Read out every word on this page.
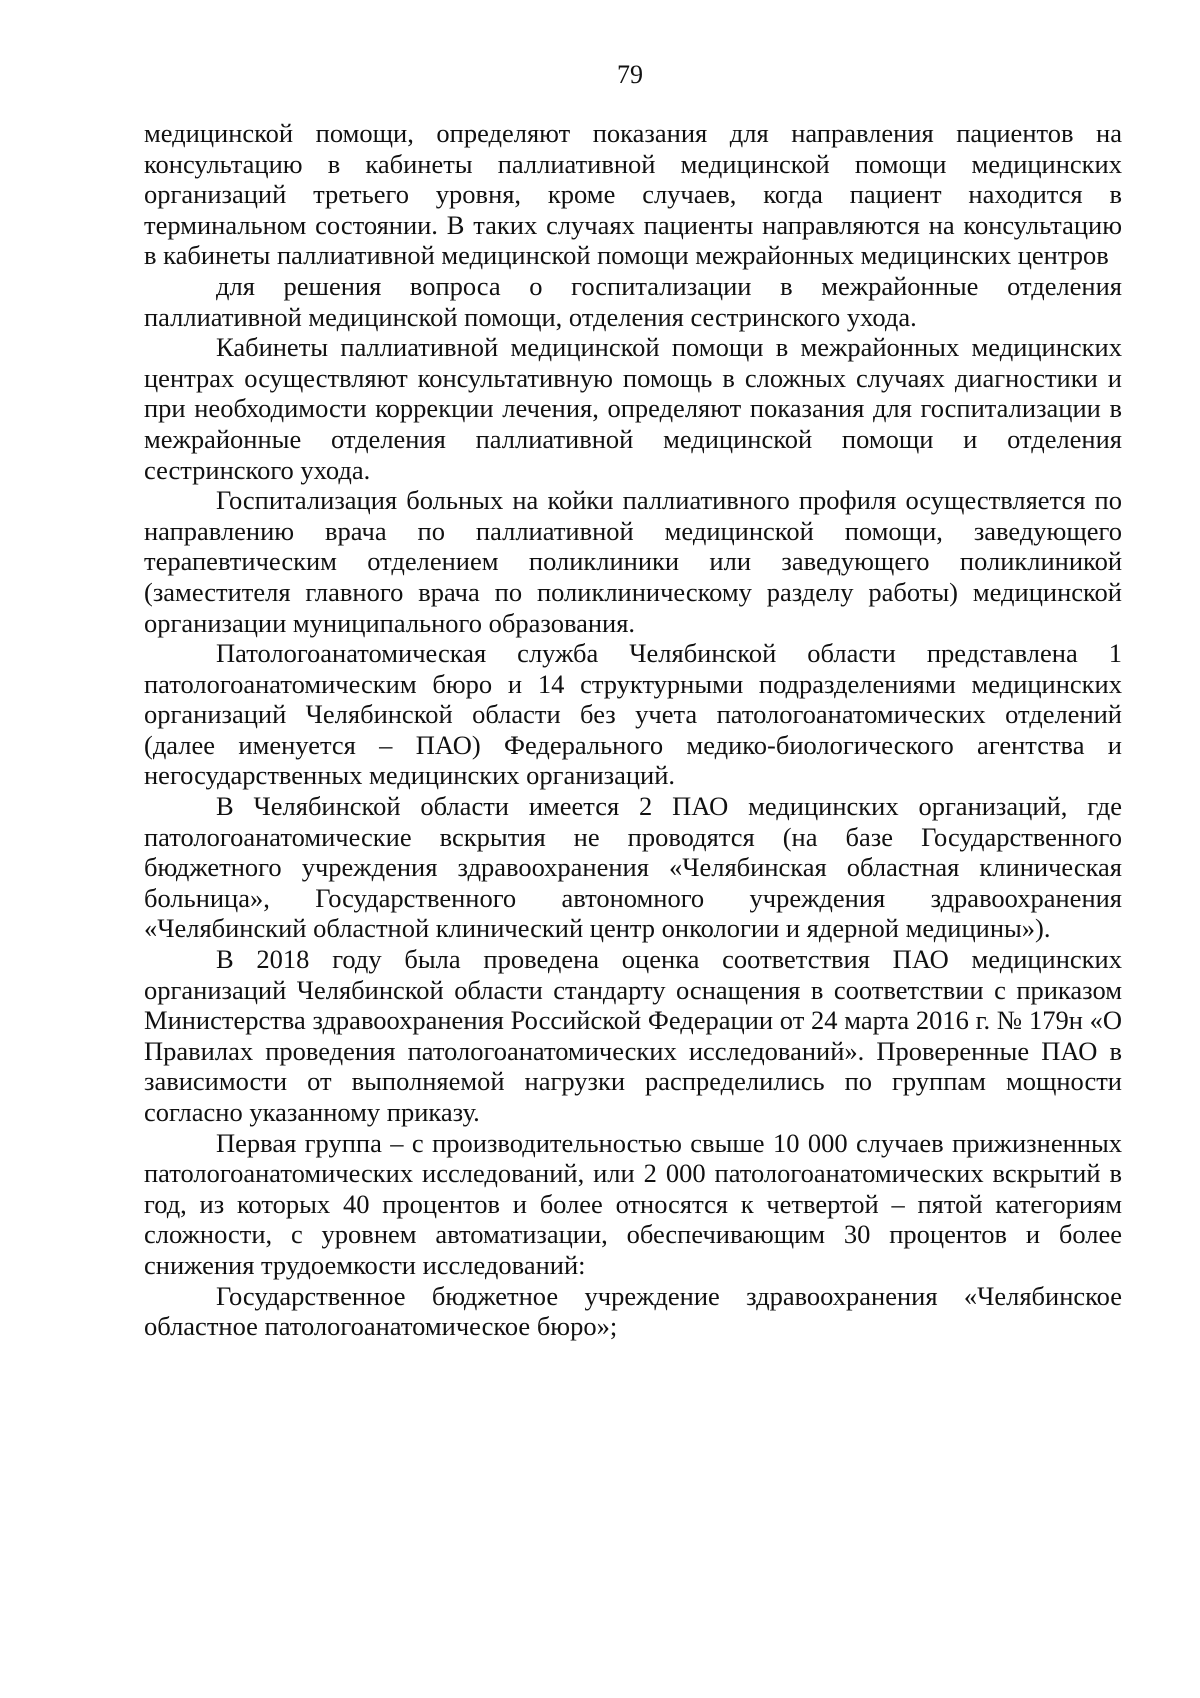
79

медицинской помощи, определяют показания для направления пациентов на консультацию в кабинеты паллиативной медицинской помощи медицинских организаций третьего уровня, кроме случаев, когда пациент находится в терминальном состоянии. В таких случаях пациенты направляются на консультацию в кабинеты паллиативной медицинской помощи межрайонных медицинских центров

для решения вопроса о госпитализации в межрайонные отделения паллиативной медицинской помощи, отделения сестринского ухода.

Кабинеты паллиативной медицинской помощи в межрайонных медицинских центрах осуществляют консультативную помощь в сложных случаях диагностики и при необходимости коррекции лечения, определяют показания для госпитализации в межрайонные отделения паллиативной медицинской помощи и отделения сестринского ухода.

Госпитализация больных на койки паллиативного профиля осуществляется по направлению врача по паллиативной медицинской помощи, заведующего терапевтическим отделением поликлиники или заведующего поликлиникой (заместителя главного врача по поликлиническому разделу работы) медицинской организации муниципального образования.

Патологоанатомическая служба Челябинской области представлена 1 патологоанатомическим бюро и 14 структурными подразделениями медицинских организаций Челябинской области без учета патологоанатомических отделений (далее именуется – ПАО) Федерального медико-биологического агентства и негосударственных медицинских организаций.

В Челябинской области имеется 2 ПАО медицинских организаций, где патологоанатомические вскрытия не проводятся (на базе Государственного бюджетного учреждения здравоохранения «Челябинская областная клиническая больница», Государственного автономного учреждения здравоохранения «Челябинский областной клинический центр онкологии и ядерной медицины»).

В 2018 году была проведена оценка соответствия ПАО медицинских организаций Челябинской области стандарту оснащения в соответствии с приказом Министерства здравоохранения Российской Федерации от 24 марта 2016 г. № 179н «О Правилах проведения патологоанатомических исследований». Проверенные ПАО в зависимости от выполняемой нагрузки распределились по группам мощности согласно указанному приказу.

Первая группа – с производительностью свыше 10 000 случаев прижизненных патологоанатомических исследований, или 2 000 патологоанатомических вскрытий в год, из которых 40 процентов и более относятся к четвертой – пятой категориям сложности, с уровнем автоматизации, обеспечивающим 30 процентов и более снижения трудоемкости исследований:

Государственное бюджетное учреждение здравоохранения «Челябинское областное патологоанатомическое бюро»;
